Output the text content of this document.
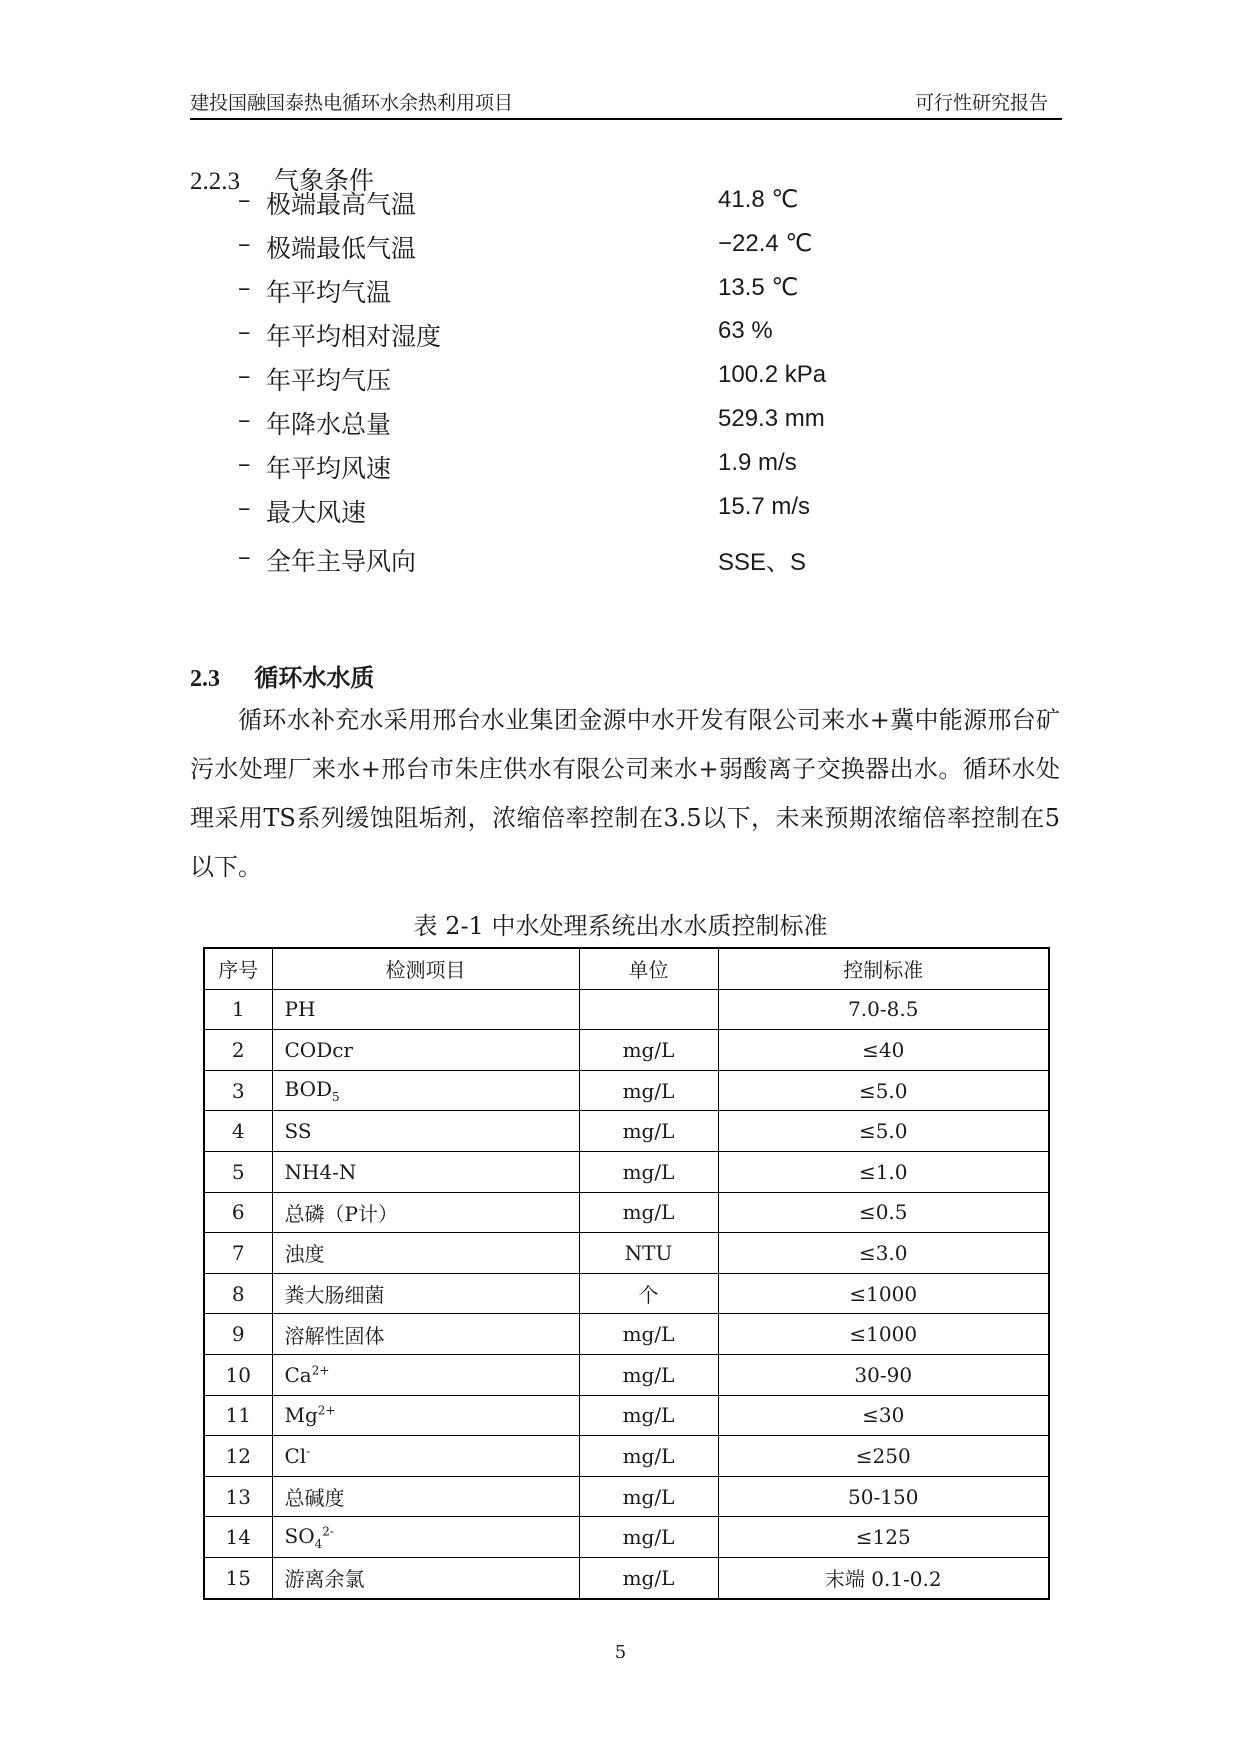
建投国融国泰热电循环水余热利用项目	可行性研究报告
2.2.3 气象条件
– 极端最高气温	41.8 ℃
– 极端最低气温	−22.4 ℃
– 年平均气温	13.5 ℃
– 年平均相对湿度	63 %
– 年平均气压	100.2 kPa
– 年降水总量	529.3 mm
– 年平均风速	1.9 m/s
– 最大风速	15.7 m/s
– 全年主导风向	SSE、S
2.3 循环水水质

循环水补充水采用邢台水业集团金源中水开发有限公司来水+冀中能源邢台矿污水处理厂来水+邢台市朱庄供水有限公司来水+弱酸离子交换器出水。循环水处理采用TS系列缓蚀阻垢剂，浓缩倍率控制在3.5以下，未来预期浓缩倍率控制在5以下。

表 2-1 中水处理系统出水水质控制标准
序号	检测项目	单位	控制标准
1	PH		7.0-8.5
2	CODcr	mg/L	≤40
3	$BOD_5$	mg/L	≤5.0
4	SS	mg/L	≤5.0
5	NH4-N	mg/L	≤1.0
6	总磷（P计）	mg/L	≤0.5
7	浊度	NTU	≤3.0
8	粪大肠细菌	个	≤1000
9	溶解性固体	mg/L	≤1000
10	$Ca^{2+}$	mg/L	30-90
11	$Mg^{2+}$	mg/L	≤30
12	Cl-	mg/L	≤250
13	总碱度	mg/L	50-150
14	$SO_4^{2-}$	mg/L	≤125
15	游离余氯	mg/L	末端 0.1-0.2
5
